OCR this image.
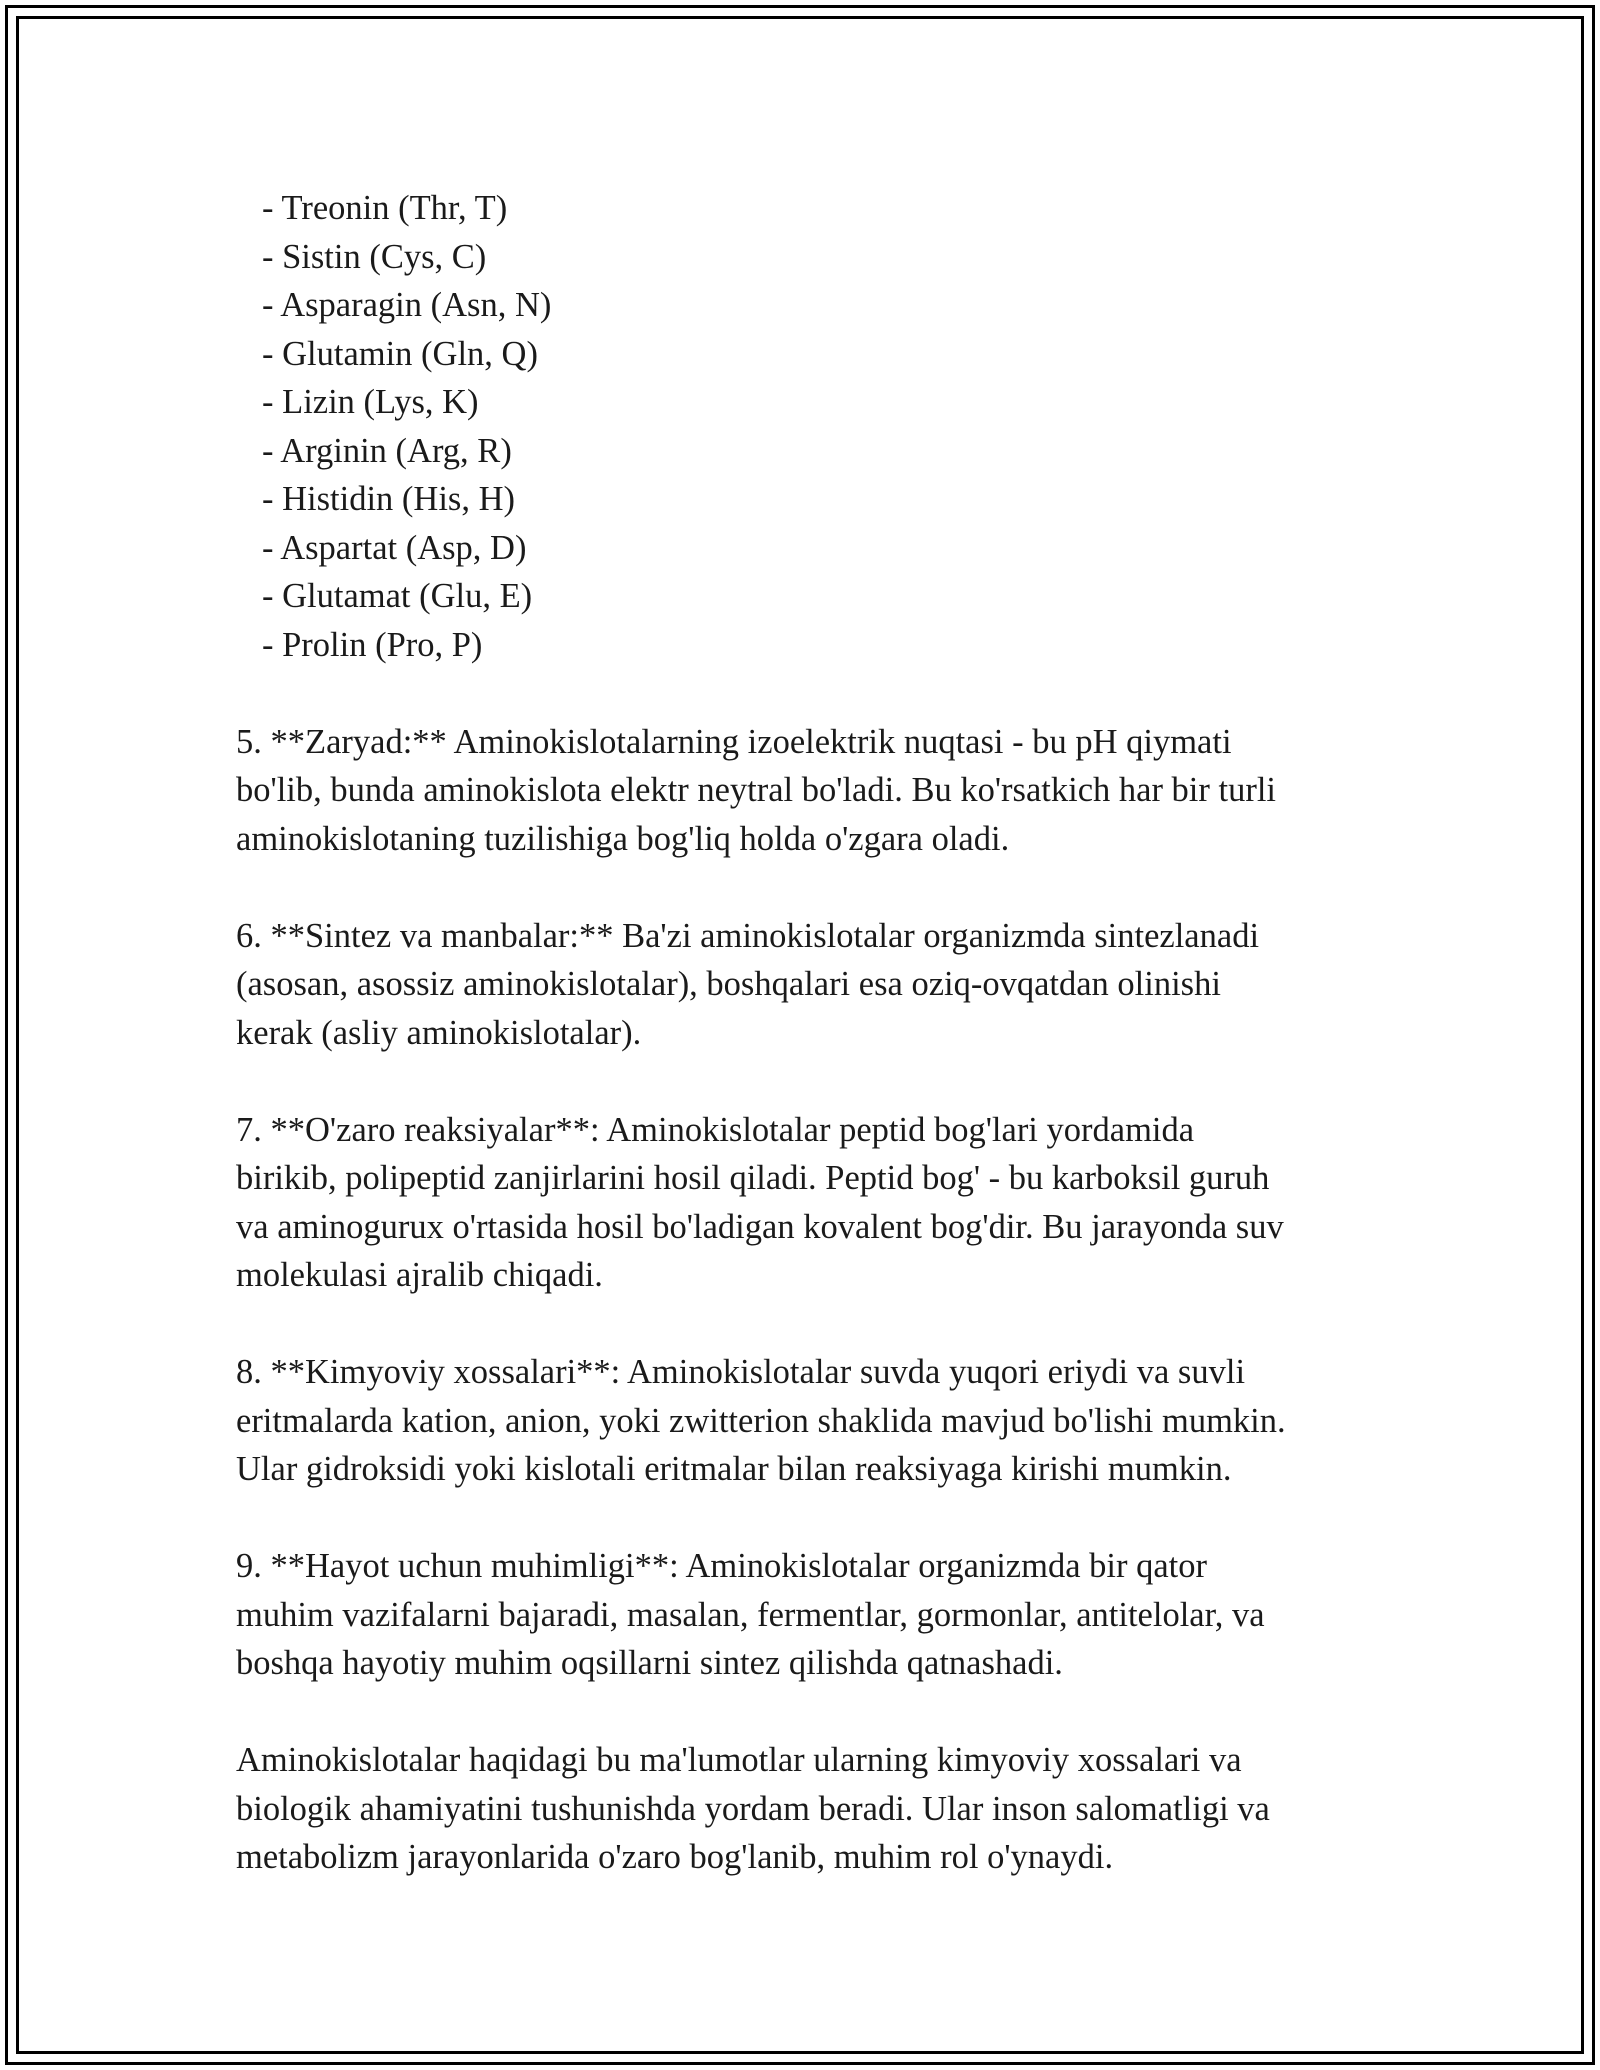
- Treonin (Thr, T)
- Sistin (Cys, C)
- Asparagin (Asn, N)
- Glutamin (Gln, Q)
- Lizin (Lys, K)
- Arginin (Arg, R)
- Histidin (His, H)
- Aspartat (Asp, D)
- Glutamat (Glu, E)
- Prolin (Pro, P)
5. **Zaryad:** Aminokislotalarning izoelektrik nuqtasi - bu pH qiymati
bo'lib, bunda aminokislota elektr neytral bo'ladi. Bu ko'rsatkich har bir turli
aminokislotaning tuzilishiga bog'liq holda o'zgara oladi.
6. **Sintez va manbalar:** Ba'zi aminokislotalar organizmda sintezlanadi
(asosan, asossiz aminokislotalar), boshqalari esa oziq-ovqatdan olinishi
kerak (asliy aminokislotalar).
7. **O'zaro reaksiyalar**: Aminokislotalar peptid bog'lari yordamida
birikib, polipeptid zanjirlarini hosil qiladi. Peptid bog' - bu karboksil guruh
va aminogurux o'rtasida hosil bo'ladigan kovalent bog'dir. Bu jarayonda suv
molekulasi ajralib chiqadi.
8. **Kimyoviy xossalari**: Aminokislotalar suvda yuqori eriydi va suvli
eritmalarda kation, anion, yoki zwitterion shaklida mavjud bo'lishi mumkin.
Ular gidroksidi yoki kislotali eritmalar bilan reaksiyaga kirishi mumkin.
9. **Hayot uchun muhimligi**: Aminokislotalar organizmda bir qator
muhim vazifalarni bajaradi, masalan, fermentlar, gormonlar, antitelolar, va
boshqa hayotiy muhim oqsillarni sintez qilishda qatnashadi.
Aminokislotalar haqidagi bu ma'lumotlar ularning kimyoviy xossalari va
biologik ahamiyatini tushunishda yordam beradi. Ular inson salomatligi va
metabolizm jarayonlarida o'zaro bog'lanib, muhim rol o'ynaydi.
